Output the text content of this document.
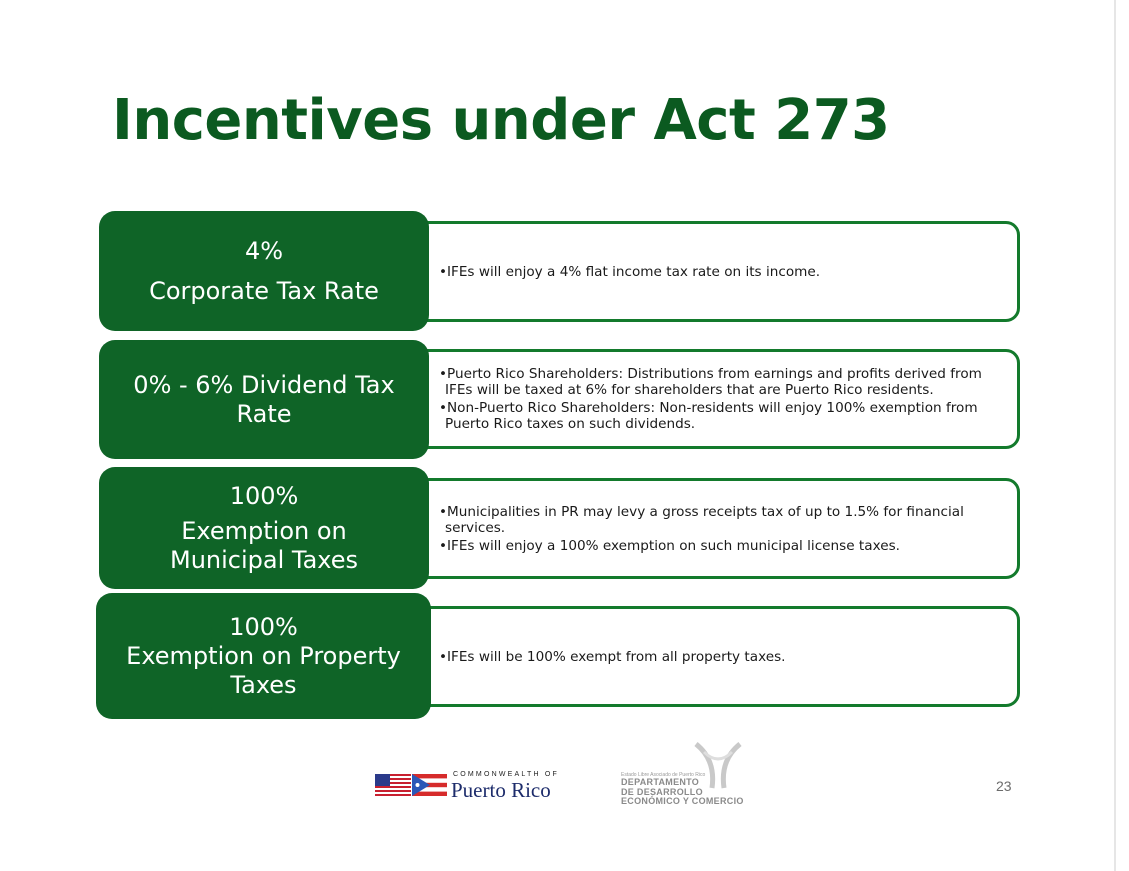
Incentives under Act 273
•IFEs will enjoy a 4% flat income tax rate on its income.
4%
Corporate Tax Rate
•Puerto Rico Shareholders: Distributions from earnings and profits derived from IFEs will be taxed at 6% for shareholders that are Puerto Rico residents.
•Non-Puerto Rico Shareholders: Non-residents will enjoy 100% exemption from Puerto Rico taxes on such dividends.
0% - 6% Dividend Tax
Rate
•Municipalities in PR may levy a gross receipts tax of up to 1.5% for financial services.
•IFEs will enjoy a 100% exemption on such municipal license taxes.
100%
Exemption on
Municipal Taxes
•IFEs will be 100% exempt from all property taxes.
100%
Exemption on Property
Taxes
COMMONWEALTH OF
Puerto Rico
Estado Libre Asociado de Puerto Rico
DEPARTAMENTO
DE DESARROLLO
ECONÓMICO Y COMERCIO
23
